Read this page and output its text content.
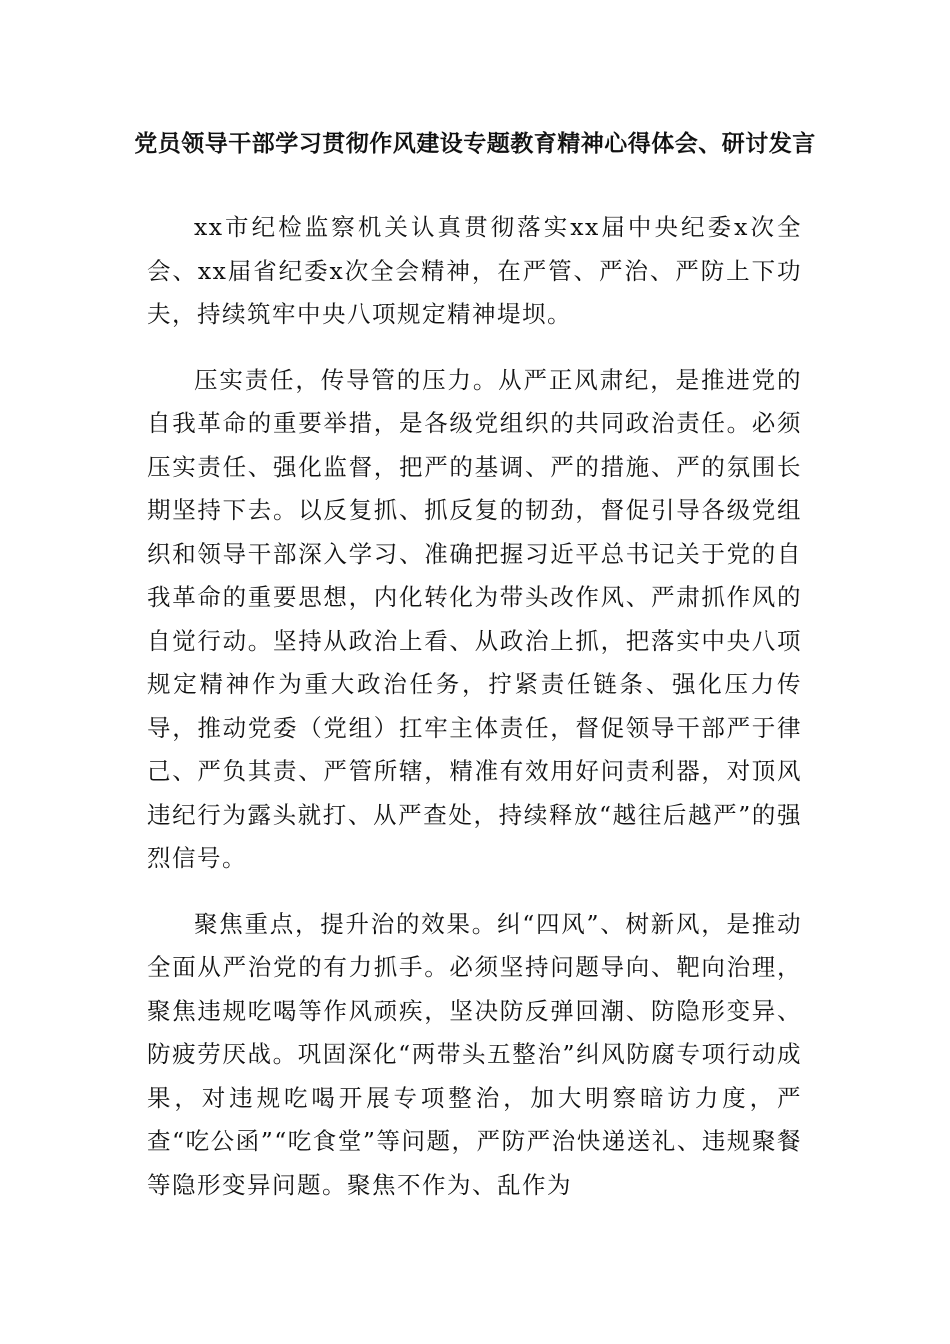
党员领导干部学习贯彻作风建设专题教育精神心得体会、研讨发言

xx市纪检监察机关认真贯彻落实xx届中央纪委x次全会、xx届省纪委x次全会精神，在严管、严治、严防上下功夫，持续筑牢中央八项规定精神堤坝。

压实责任，传导管的压力。从严正风肃纪，是推进党的自我革命的重要举措，是各级党组织的共同政治责任。必须压实责任、强化监督，把严的基调、严的措施、严的氛围长期坚持下去。以反复抓、抓反复的韧劲，督促引导各级党组织和领导干部深入学习、准确把握习近平总书记关于党的自我革命的重要思想，内化转化为带头改作风、严肃抓作风的自觉行动。坚持从政治上看、从政治上抓，把落实中央八项规定精神作为重大政治任务，拧紧责任链条、强化压力传导，推动党委（党组）扛牢主体责任，督促领导干部严于律己、严负其责、严管所辖，精准有效用好问责利器，对顶风违纪行为露头就打、从严查处，持续释放“越往后越严”的强烈信号。

聚焦重点，提升治的效果。纠“四风”、树新风，是推动全面从严治党的有力抓手。必须坚持问题导向、靶向治理，聚焦违规吃喝等作风顽疾，坚决防反弹回潮、防隐形变异、防疲劳厌战。巩固深化“两带头五整治”纠风防腐专项行动成果，对违规吃喝开展专项整治，加大明察暗访力度，严查“吃公函”“吃食堂”等问题，严防严治快递送礼、违规聚餐等隐形变异问题。聚焦不作为、乱作为
